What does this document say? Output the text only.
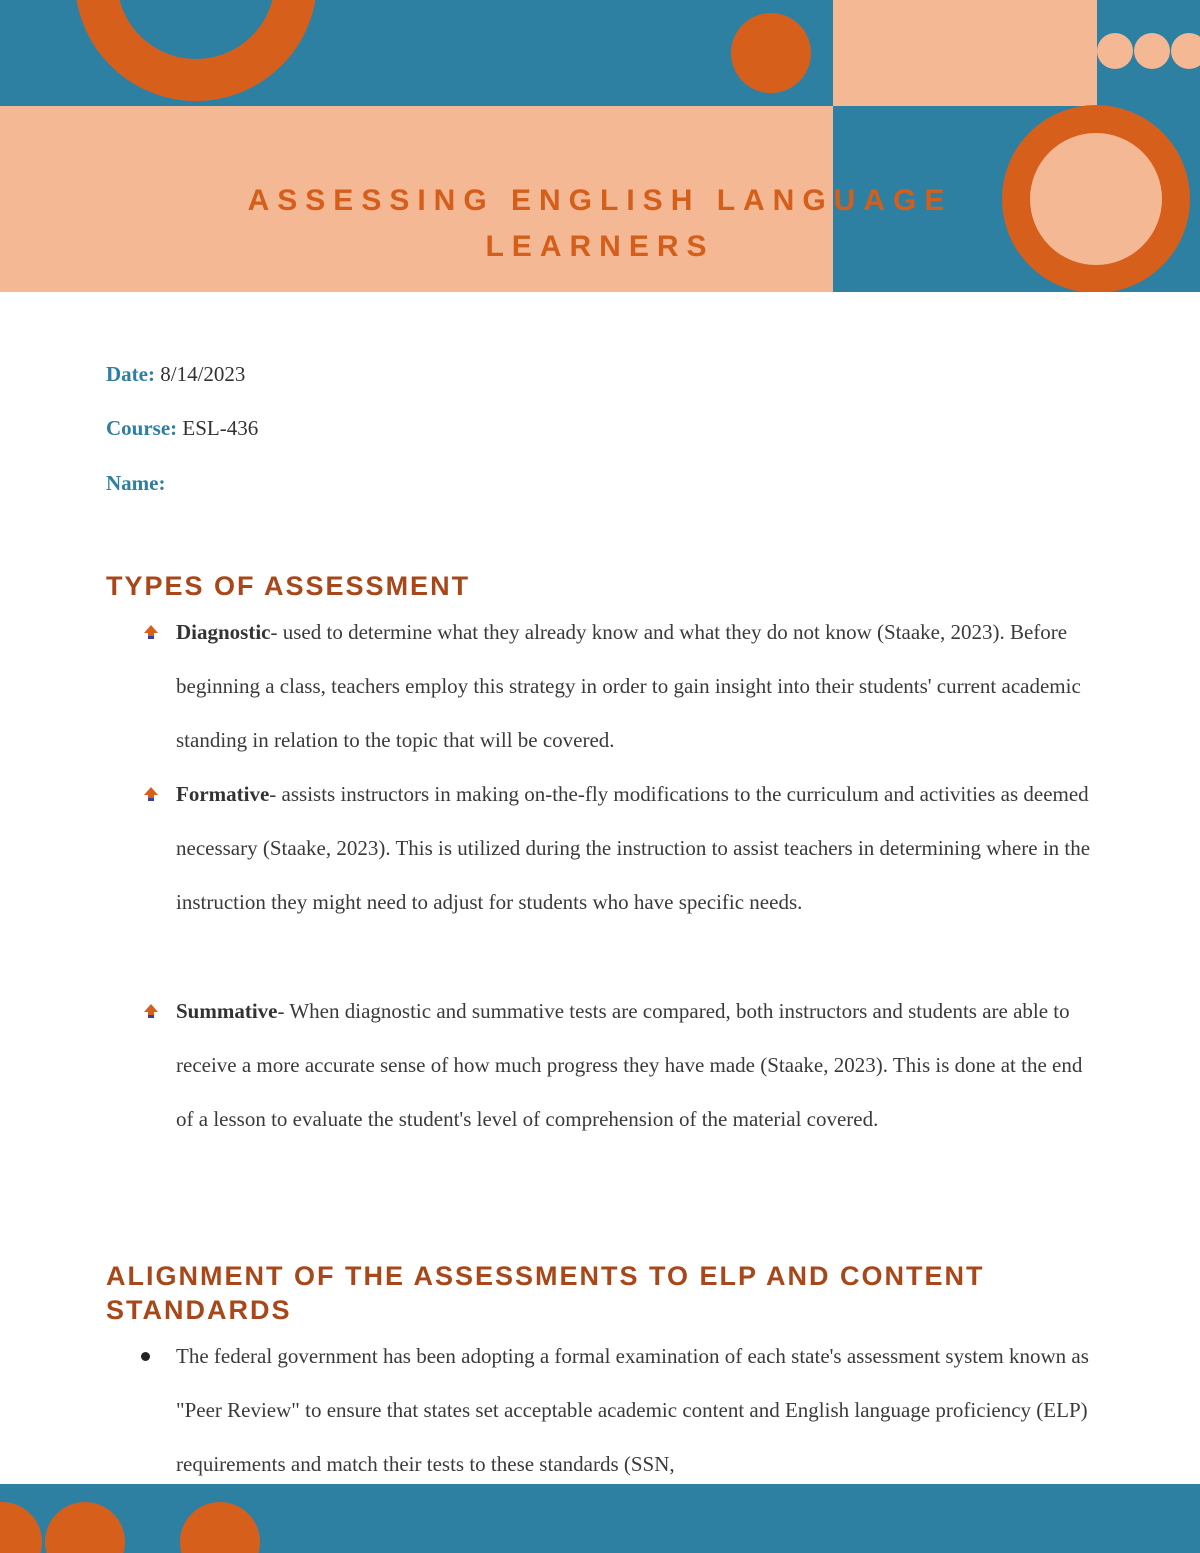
ASSESSING ENGLISH LANGUAGE
LEARNERS
Date: 8/14/2023
Course: ESL-436
Name:
TYPES OF ASSESSMENT
Diagnostic- used to determine what they already know and what they do not know (Staake, 2023). Before beginning a class, teachers employ this strategy in order to gain insight into their students' current academic standing in relation to the topic that will be covered.
Formative- assists instructors in making on-the-fly modifications to the curriculum and activities as deemed necessary (Staake, 2023). This is utilized during the instruction to assist teachers in determining where in the instruction they might need to adjust for students who have specific needs.
Summative- When diagnostic and summative tests are compared, both instructors and students are able to receive a more accurate sense of how much progress they have made (Staake, 2023). This is done at the end of a lesson to evaluate the student's level of comprehension of the material covered.
ALIGNMENT OF THE ASSESSMENTS TO ELP AND CONTENT STANDARDS
The federal government has been adopting a formal examination of each state's assessment system known as "Peer Review" to ensure that states set acceptable academic content and English language proficiency (ELP) requirements and match their tests to these standards (SSN,
